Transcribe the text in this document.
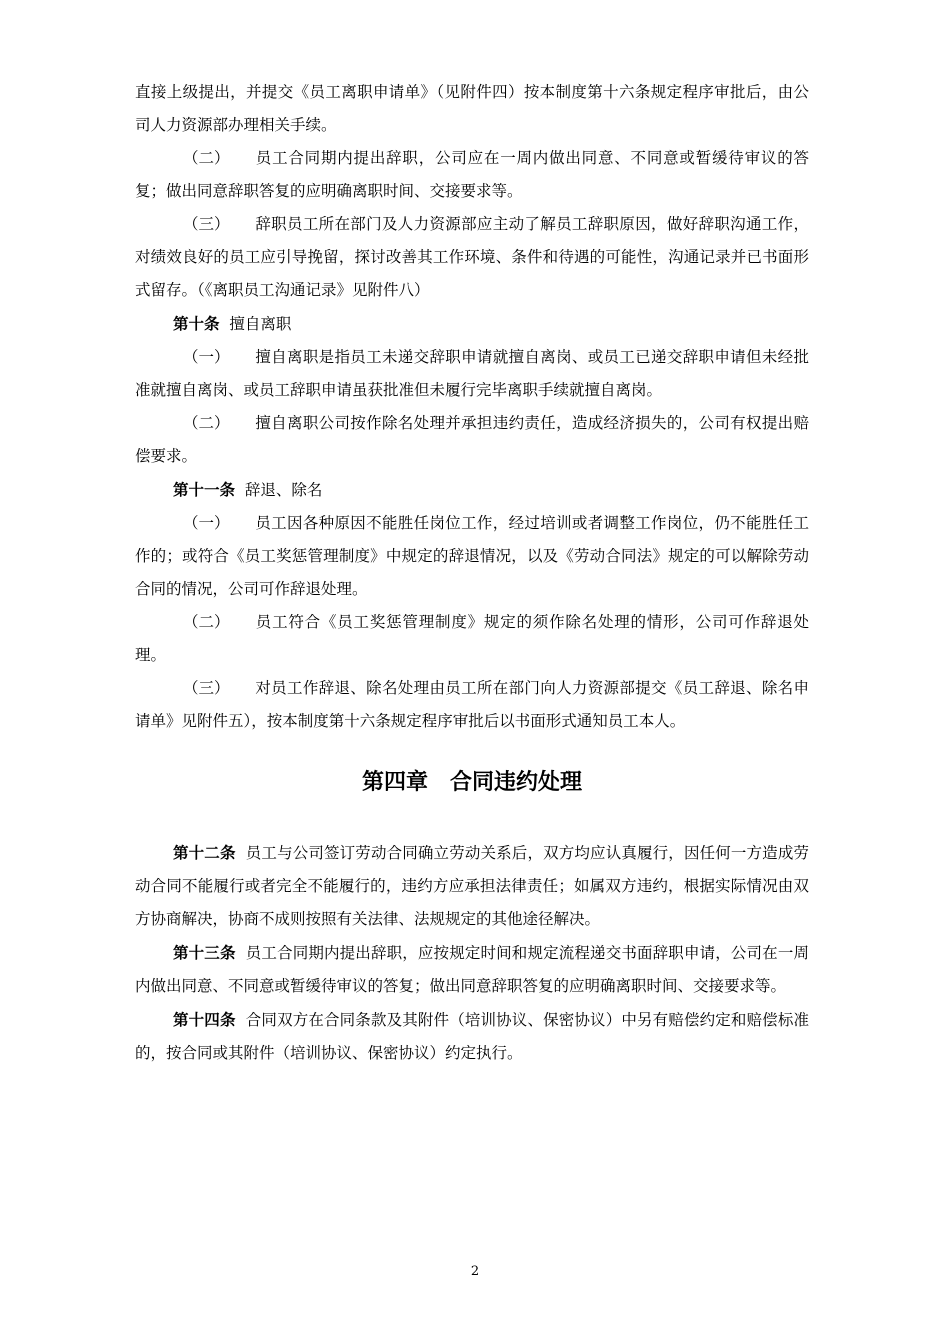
直接上级提出，并提交《员工离职申请单》（见附件四）按本制度第十六条规定程序审批后，由公司人力资源部办理相关手续。

（二） 员工合同期内提出辞职，公司应在一周内做出同意、不同意或暂缓待审议的答复；做出同意辞职答复的应明确离职时间、交接要求等。

（三） 辞职员工所在部门及人力资源部应主动了解员工辞职原因，做好辞职沟通工作，对绩效良好的员工应引导挽留，探讨改善其工作环境、条件和待遇的可能性，沟通记录并已书面形式留存。（《离职员工沟通记录》见附件八）

第十条 擅自离职

（一） 擅自离职是指员工未递交辞职申请就擅自离岗、或员工已递交辞职申请但未经批准就擅自离岗、或员工辞职申请虽获批准但未履行完毕离职手续就擅自离岗。

（二） 擅自离职公司按作除名处理并承担违约责任，造成经济损失的，公司有权提出赔偿要求。

第十一条 辞退、除名

（一） 员工因各种原因不能胜任岗位工作，经过培训或者调整工作岗位，仍不能胜任工作的；或符合《员工奖惩管理制度》中规定的辞退情况，以及《劳动合同法》规定的可以解除劳动合同的情况，公司可作辞退处理。

（二） 员工符合《员工奖惩管理制度》规定的须作除名处理的情形，公司可作辞退处理。

（三） 对员工作辞退、除名处理由员工所在部门向人力资源部提交《员工辞退、除名申请单》见附件五），按本制度第十六条规定程序审批后以书面形式通知员工本人。

第四章　合同违约处理

第十二条 员工与公司签订劳动合同确立劳动关系后，双方均应认真履行，因任何一方造成劳动合同不能履行或者完全不能履行的，违约方应承担法律责任；如属双方违约，根据实际情况由双方协商解决，协商不成则按照有关法律、法规规定的其他途径解决。

第十三条 员工合同期内提出辞职，应按规定时间和规定流程递交书面辞职申请，公司在一周内做出同意、不同意或暂缓待审议的答复；做出同意辞职答复的应明确离职时间、交接要求等。

第十四条 合同双方在合同条款及其附件（培训协议、保密协议）中另有赔偿约定和赔偿标准的，按合同或其附件（培训协议、保密协议）约定执行。

2
